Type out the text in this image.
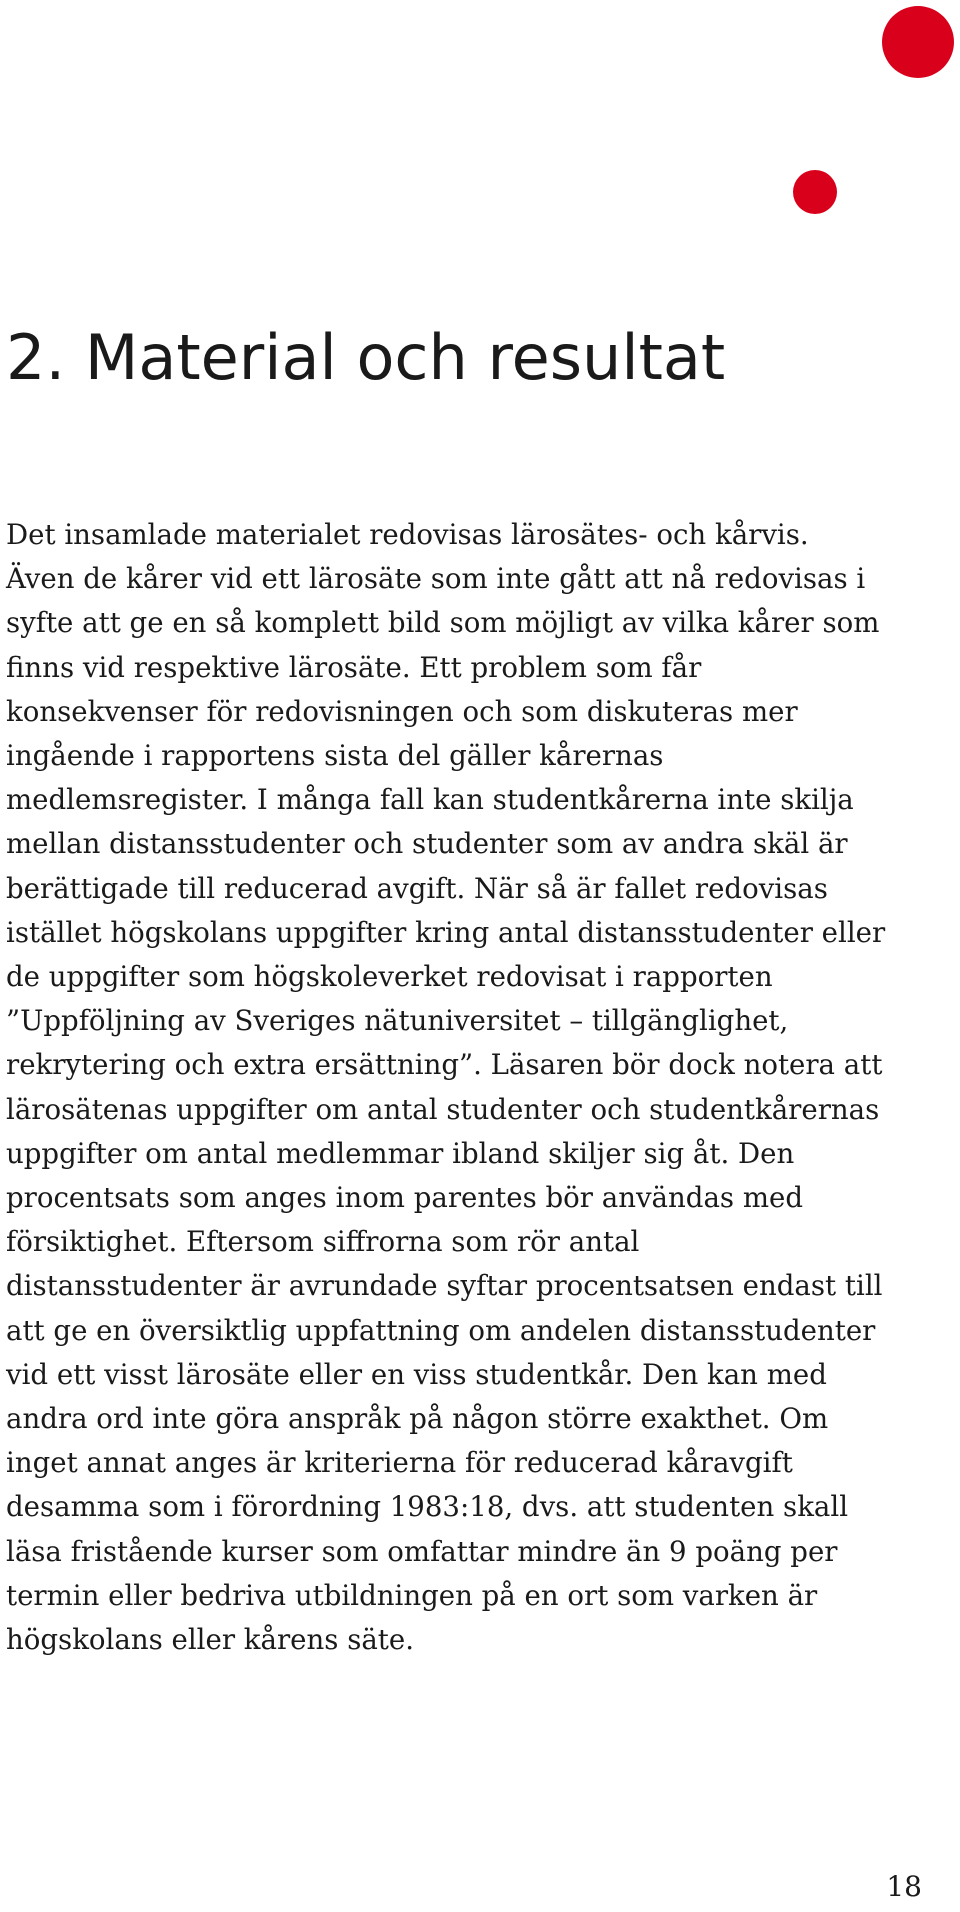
2. Material och resultat
Det insamlade materialet redovisas lärosätes- och kårvis.
Även de kårer vid ett lärosäte som inte gått att nå redovisas i
syfte att ge en så komplett bild som möjligt av vilka kårer som
finns vid respektive lärosäte. Ett problem som får
konsekvenser för redovisningen och som diskuteras mer
ingående i rapportens sista del gäller kårernas
medlemsregister. I många fall kan studentkårerna inte skilja
mellan distansstudenter och studenter som av andra skäl är
berättigade till reducerad avgift. När så är fallet redovisas
istället högskolans uppgifter kring antal distansstudenter eller
de uppgifter som högskoleverket redovisat i rapporten
”Uppföljning av Sveriges nätuniversitet – tillgänglighet,
rekrytering och extra ersättning”. Läsaren bör dock notera att
lärosätenas uppgifter om antal studenter och studentkårernas
uppgifter om antal medlemmar ibland skiljer sig åt. Den
procentsats som anges inom parentes bör användas med
försiktighet. Eftersom siffrorna som rör antal
distansstudenter är avrundade syftar procentsatsen endast till
att ge en översiktlig uppfattning om andelen distansstudenter
vid ett visst lärosäte eller en viss studentkår. Den kan med
andra ord inte göra anspråk på någon större exakthet. Om
inget annat anges är kriterierna för reducerad kåravgift
desamma som i förordning 1983:18, dvs. att studenten skall
läsa fristående kurser som omfattar mindre än 9 poäng per
termin eller bedriva utbildningen på en ort som varken är
högskolans eller kårens säte.
18
